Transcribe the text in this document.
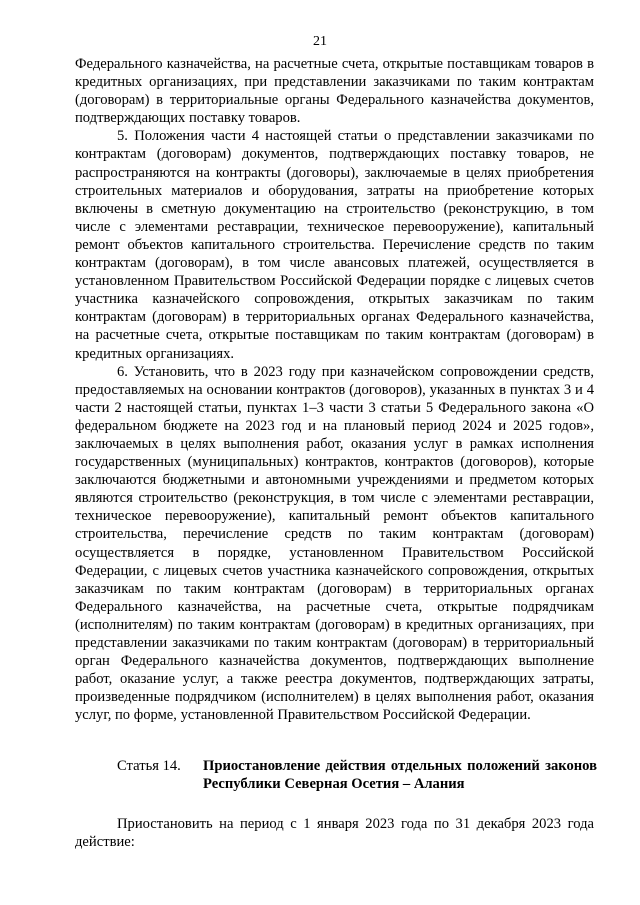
21

Федерального казначейства, на расчетные счета, открытые поставщикам товаров в кредитных организациях, при представлении заказчиками по таким контрактам (договорам) в территориальные органы Федерального казначейства документов, подтверждающих поставку товаров.

5. Положения части 4 настоящей статьи о представлении заказчиками по контрактам (договорам) документов, подтверждающих поставку товаров, не распространяются на контракты (договоры), заключаемые в целях приобретения строительных материалов и оборудования, затраты на приобретение которых включены в сметную документацию на строительство (реконструкцию, в том числе с элементами реставрации, техническое перевооружение), капитальный ремонт объектов капитального строительства. Перечисление средств по таким контрактам (договорам), в том числе авансовых платежей, осуществляется в установленном Правительством Российской Федерации порядке с лицевых счетов участника казначейского сопровождения, открытых заказчикам по таким контрактам (договорам) в территориальных органах Федерального казначейства, на расчетные счета, открытые поставщикам по таким контрактам (договорам) в кредитных организациях.

6. Установить, что в 2023 году при казначейском сопровождении средств, предоставляемых на основании контрактов (договоров), указанных в пунктах 3 и 4 части 2 настоящей статьи, пунктах 1–3 части 3 статьи 5 Федерального закона «О федеральном бюджете на 2023 год и на плановый период 2024 и 2025 годов», заключаемых в целях выполнения работ, оказания услуг в рамках исполнения государственных (муниципальных) контрактов, контрактов (договоров), которые заключаются бюджетными и автономными учреждениями и предметом которых являются строительство (реконструкция, в том числе с элементами реставрации, техническое перевооружение), капитальный ремонт объектов капитального строительства, перечисление средств по таким контрактам (договорам) осуществляется в порядке, установленном Правительством Российской Федерации, с лицевых счетов участника казначейского сопровождения, открытых заказчикам по таким контрактам (договорам) в территориальных органах Федерального казначейства, на расчетные счета, открытые подрядчикам (исполнителям) по таким контрактам (договорам) в кредитных организациях, при представлении заказчиками по таким контрактам (договорам) в территориальный орган Федерального казначейства документов, подтверждающих выполнение работ, оказание услуг, а также реестра документов, подтверждающих затраты, произведенные подрядчиком (исполнителем) в целях выполнения работ, оказания услуг, по форме, установленной Правительством Российской Федерации.

Статья 14.	Приостановление действия отдельных положений законов Республики Северная Осетия – Алания

Приостановить на период с 1 января 2023 года по 31 декабря 2023 года действие:
